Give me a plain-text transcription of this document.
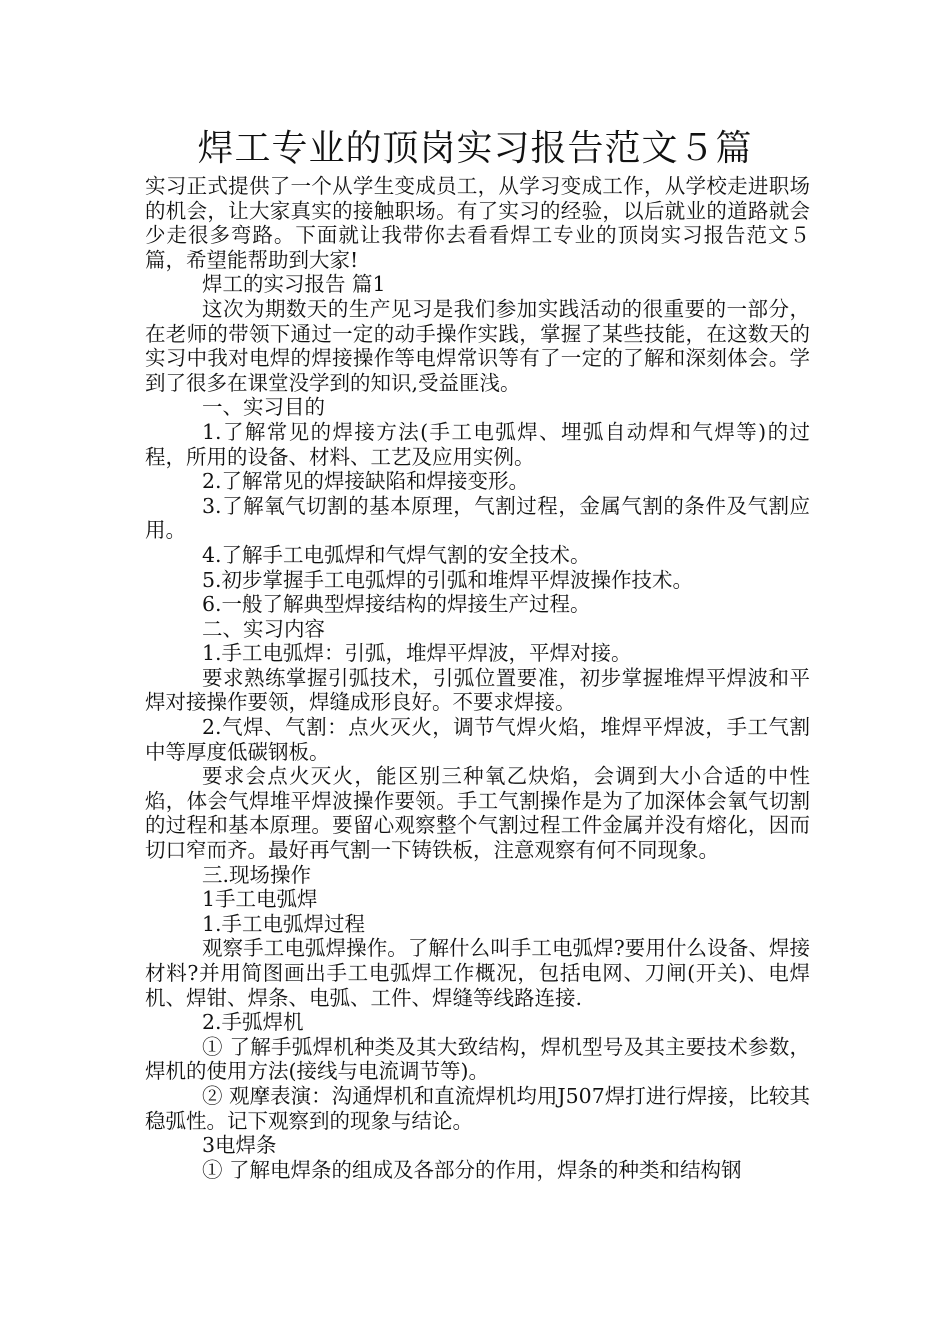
焊工专业的顶岗实习报告范文５篇

实习正式提供了一个从学生变成员工，从学习变成工作，从学校走进职场的机会，让大家真实的接触职场。有了实习的经验，以后就业的道路就会少走很多弯路。下面就让我带你去看看焊工专业的顶岗实习报告范文５篇，希望能帮助到大家!

焊工的实习报告 篇1

这次为期数天的生产见习是我们参加实践活动的很重要的一部分，在老师的带领下通过一定的动手操作实践，掌握了某些技能，在这数天的实习中我对电焊的焊接操作等电焊常识等有了一定的了解和深刻体会。学到了很多在课堂没学到的知识,受益匪浅。

一、实习目的

1.了解常见的焊接方法(手工电弧焊、埋弧自动焊和气焊等)的过程，所用的设备、材料、工艺及应用实例。

2.了解常见的焊接缺陷和焊接变形。

3.了解氧气切割的基本原理，气割过程，金属气割的条件及气割应用。

4.了解手工电弧焊和气焊气割的安全技术。

5.初步掌握手工电弧焊的引弧和堆焊平焊波操作技术。

6.一般了解典型焊接结构的焊接生产过程。

二、实习内容

1.手工电弧焊：引弧，堆焊平焊波，平焊对接。

要求熟练掌握引弧技术，引弧位置要准，初步掌握堆焊平焊波和平焊对接操作要领，焊缝成形良好。不要求焊接。

2.气焊、气割：点火灭火，调节气焊火焰，堆焊平焊波，手工气割中等厚度低碳钢板。

要求会点火灭火，能区别三种氧乙炔焰，会调到大小合适的中性焰，体会气焊堆平焊波操作要领。手工气割操作是为了加深体会氧气切割的过程和基本原理。要留心观察整个气割过程工件金属并没有熔化，因而切口窄而齐。最好再气割一下铸铁板，注意观察有何不同现象。

三.现场操作

1手工电弧焊

1.手工电弧焊过程

观察手工电弧焊操作。了解什么叫手工电弧焊?要用什么设备、焊接材料?并用简图画出手工电弧焊工作概况，包括电网、刀闸(开关)、电焊机、焊钳、焊条、电弧、工件、焊缝等线路连接.

2.手弧焊机

① 了解手弧焊机种类及其大致结构，焊机型号及其主要技术参数，焊机的使用方法(接线与电流调节等)。

② 观摩表演：沟通焊机和直流焊机均用J507焊打进行焊接，比较其稳弧性。记下观察到的现象与结论。

3电焊条

① 了解电焊条的组成及各部分的作用，焊条的种类和结构钢
